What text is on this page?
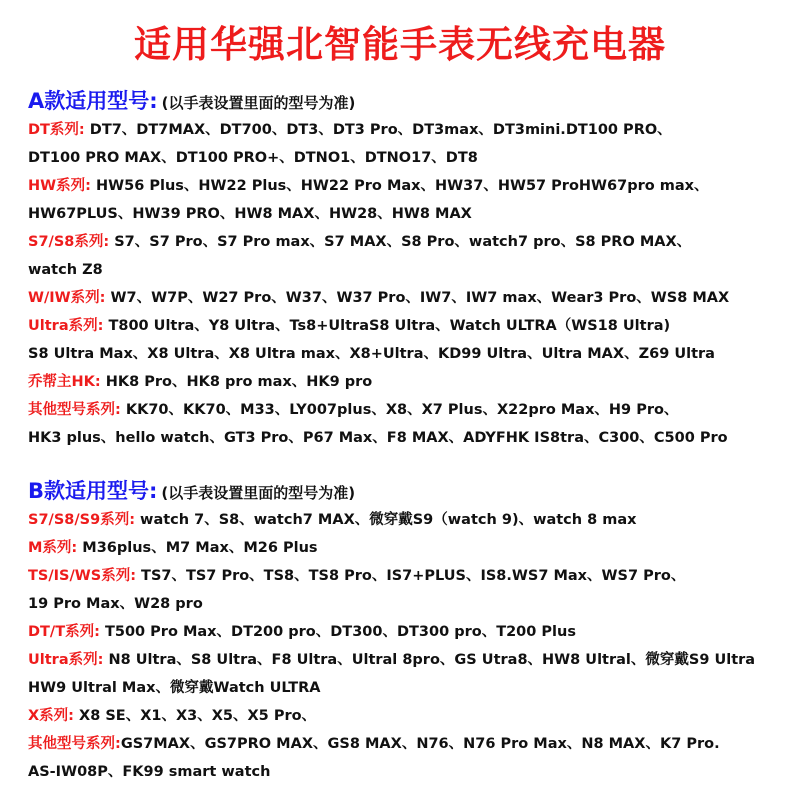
适用华强北智能手表无线充电器
A款适用型号: (以手表设置里面的型号为准)
DT系列: DT7、DT7MAX、DT700、DT3、DT3 Pro、DT3max、DT3mini.DT100 PRO、
DT100 PRO MAX、DT100 PRO+、DTNO1、DTNO17、DT8
HW系列: HW56 Plus、HW22 Plus、HW22 Pro Max、HW37、HW57 ProHW67pro max、
HW67PLUS、HW39 PRO、HW8 MAX、HW28、HW8 MAX
S7/S8系列: S7、S7 Pro、S7 Pro max、S7 MAX、S8 Pro、watch7 pro、S8 PRO MAX、
watch Z8
W/IW系列: W7、W7P、W27 Pro、W37、W37 Pro、IW7、IW7 max、Wear3 Pro、WS8 MAX
Ultra系列: T800 Ultra、Y8 Ultra、Ts8+UltraS8 Ultra、Watch ULTRA（WS18 Ultra)
S8 Ultra Max、X8 Ultra、X8 Ultra max、X8+Ultra、KD99 Ultra、Ultra MAX、Z69 Ultra
乔帮主HK: HK8 Pro、HK8 pro max、HK9 pro
其他型号系列: KK70、KK70、M33、LY007plus、X8、X7 Plus、X22pro Max、H9 Pro、
HK3 plus、hello watch、GT3 Pro、P67 Max、F8 MAX、ADYFHK IS8tra、C300、C500 Pro
B款适用型号: (以手表设置里面的型号为准)
S7/S8/S9系列: watch 7、S8、watch7 MAX、微穿戴S9（watch 9)、watch 8 max
M系列: M36plus、M7 Max、M26 Plus
TS/IS/WS系列: TS7、TS7 Pro、TS8、TS8 Pro、IS7+PLUS、IS8.WS7 Max、WS7 Pro、
19 Pro Max、W28 pro
DT/T系列: T500 Pro Max、DT200 pro、DT300、DT300 pro、T200 Plus
Ultra系列: N8 Ultra、S8 Ultra、F8 Ultra、Ultral 8pro、GS Utra8、HW8 Ultral、微穿戴S9 Ultra
HW9 Ultral Max、微穿戴Watch ULTRA
X系列: X8 SE、X1、X3、X5、X5 Pro、
其他型号系列:GS7MAX、GS7PRO MAX、GS8 MAX、N76、N76 Pro Max、N8 MAX、K7 Pro.
AS-IW08P、FK99 smart watch
